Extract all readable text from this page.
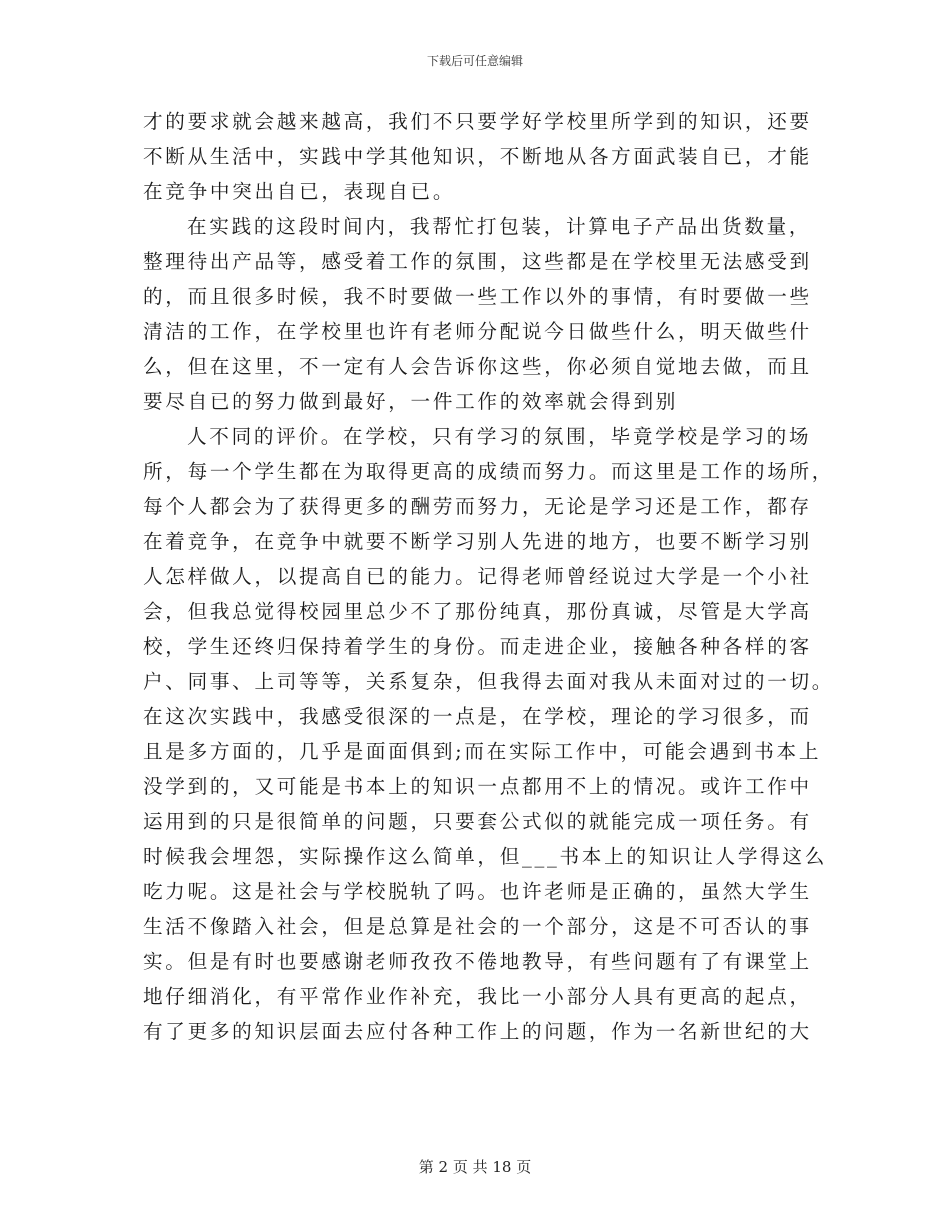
下载后可任意编辑
才的要求就会越来越高，我们不只要学好学校里所学到的知识，还要
不断从生活中，实践中学其他知识，不断地从各方面武装自已，才能
在竞争中突出自已，表现自已。
在实践的这段时间内，我帮忙打包装，计算电子产品出货数量，
整理待出产品等，感受着工作的氛围，这些都是在学校里无法感受到
的，而且很多时候，我不时要做一些工作以外的事情，有时要做一些
清洁的工作，在学校里也许有老师分配说今日做些什么，明天做些什
么，但在这里，不一定有人会告诉你这些，你必须自觉地去做，而且
要尽自已的努力做到最好，一件工作的效率就会得到别
人不同的评价。在学校，只有学习的氛围，毕竟学校是学习的场
所，每一个学生都在为取得更高的成绩而努力。而这里是工作的场所，
每个人都会为了获得更多的酬劳而努力，无论是学习还是工作，都存
在着竞争，在竞争中就要不断学习别人先进的地方，也要不断学习别
人怎样做人，以提高自已的能力。记得老师曾经说过大学是一个小社
会，但我总觉得校园里总少不了那份纯真，那份真诚，尽管是大学高
校，学生还终归保持着学生的身份。而走进企业，接触各种各样的客
户、同事、上司等等，关系复杂，但我得去面对我从未面对过的一切。
在这次实践中，我感受很深的一点是，在学校，理论的学习很多，而
且是多方面的，几乎是面面俱到;而在实际工作中，可能会遇到书本上
没学到的，又可能是书本上的知识一点都用不上的情况。或许工作中
运用到的只是很简单的问题，只要套公式似的就能完成一项任务。有
时候我会埋怨，实际操作这么简单，但___书本上的知识让人学得这么
吃力呢。这是社会与学校脱轨了吗。也许老师是正确的，虽然大学生
生活不像踏入社会，但是总算是社会的一个部分，这是不可否认的事
实。但是有时也要感谢老师孜孜不倦地教导，有些问题有了有课堂上
地仔细消化，有平常作业作补充，我比一小部分人具有更高的起点，
有了更多的知识层面去应付各种工作上的问题，作为一名新世纪的大
第 2 页 共 18 页
